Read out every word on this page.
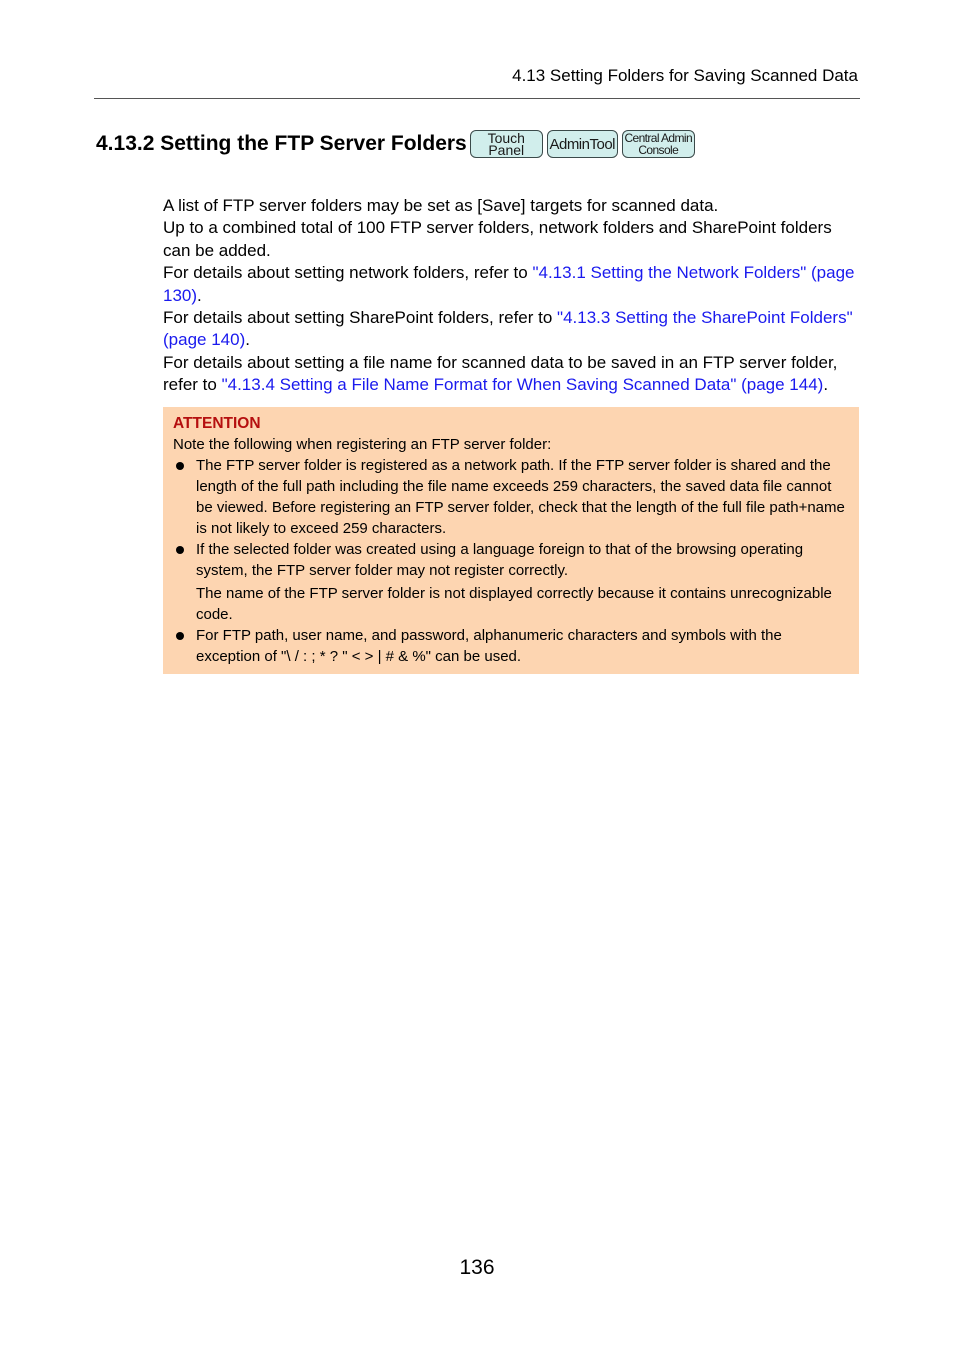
4.13 Setting Folders for Saving Scanned Data
4.13.2 Setting the FTP Server Folders Touch
Panel AdminTool Central Admin
Console

A list of FTP server folders may be set as [Save] targets for scanned data.

Up to a combined total of 100 FTP server folders, network folders and SharePoint folders can be added.

For details about setting network folders, refer to "4.13.1 Setting the Network Folders" (page 130).

For details about setting SharePoint folders, refer to "4.13.3 Setting the SharePoint Folders" (page 140).

For details about setting a file name for scanned data to be saved in an FTP server folder, refer to "4.13.4 Setting a File Name Format for When Saving Scanned Data" (page 144).

ATTENTION
Note the following when registering an FTP server folder:
The FTP server folder is registered as a network path. If the FTP server folder is shared and the length of the full path including the file name exceeds 259 characters, the saved data file cannot be viewed. Before registering an FTP server folder, check that the length of the full file path+name is not likely to exceed 259 characters.
If the selected folder was created using a language foreign to that of the browsing operating system, the FTP server folder may not register correctly.
The name of the FTP server folder is not displayed correctly because it contains unrecognizable code.
For FTP path, user name, and password, alphanumeric characters and symbols with the exception of "\ / : ; * ? " < > | # & %" can be used.
136
